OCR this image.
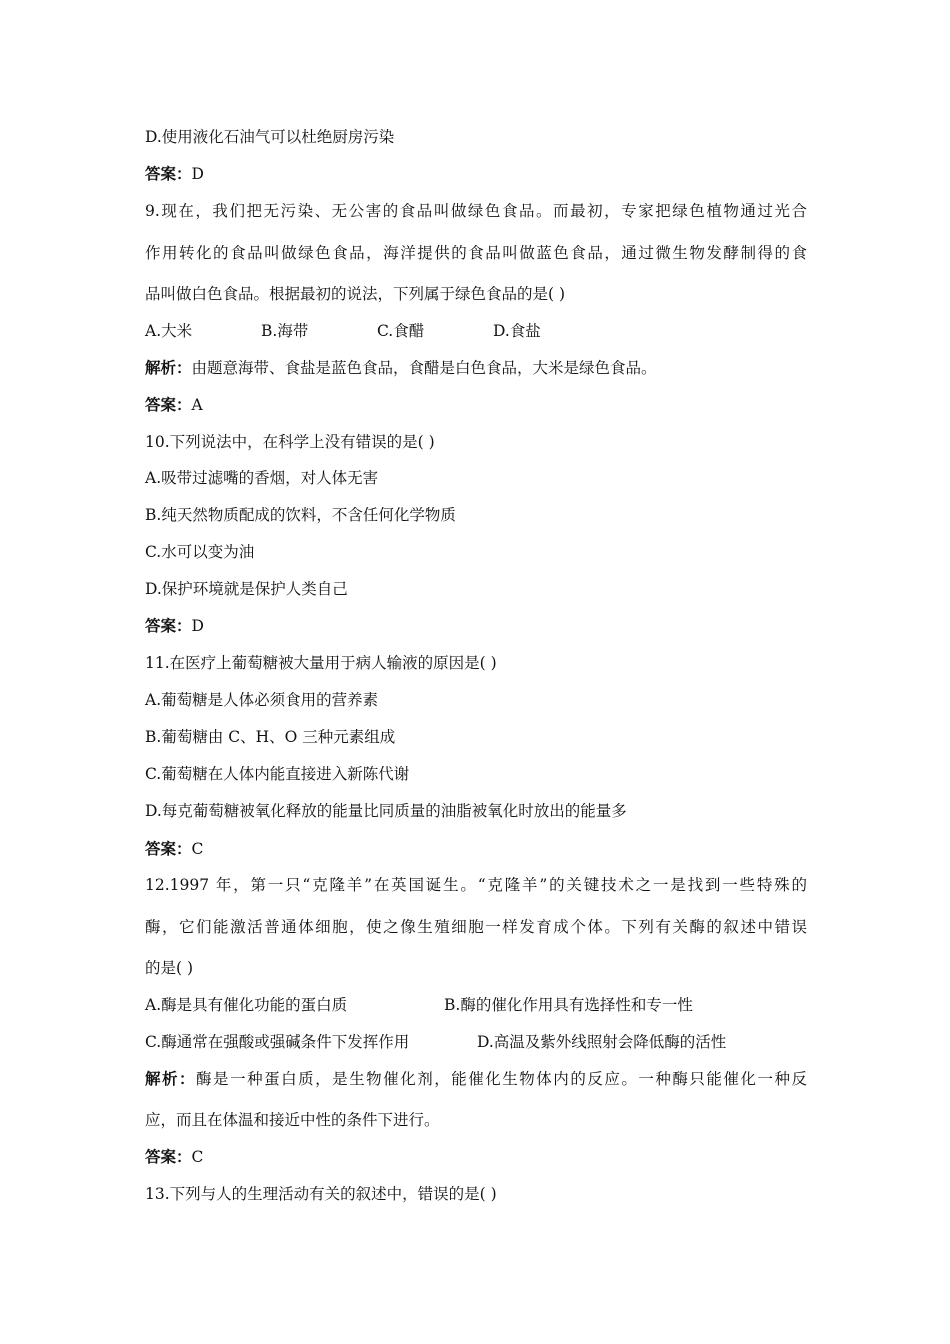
D.使用液化石油气可以杜绝厨房污染
答案：D
9.现在，我们把无污染、无公害的食品叫做绿色食品。而最初，专家把绿色植物通过光合
作用转化的食品叫做绿色食品，海洋提供的食品叫做蓝色食品，通过微生物发酵制得的食
品叫做白色食品。根据最初的说法，下列属于绿色食品的是( )
A.大米	B.海带	C.食醋	D.食盐
解析：由题意海带、食盐是蓝色食品，食醋是白色食品，大米是绿色食品。
答案：A
10.下列说法中，在科学上没有错误的是( )
A.吸带过滤嘴的香烟，对人体无害
B.纯天然物质配成的饮料，不含任何化学物质
C.水可以变为油
D.保护环境就是保护人类自己
答案：D
11.在医疗上葡萄糖被大量用于病人输液的原因是( )
A.葡萄糖是人体必须食用的营养素
B.葡萄糖由 C、H、O 三种元素组成
C.葡萄糖在人体内能直接进入新陈代谢
D.每克葡萄糖被氧化释放的能量比同质量的油脂被氧化时放出的能量多
答案：C
12.1997 年，第一只“克隆羊”在英国诞生。“克隆羊”的关键技术之一是找到一些特殊的
酶，它们能激活普通体细胞，使之像生殖细胞一样发育成个体。下列有关酶的叙述中错误
的是( )
A.酶是具有催化功能的蛋白质	B.酶的催化作用具有选择性和专一性
C.酶通常在强酸或强碱条件下发挥作用	D.高温及紫外线照射会降低酶的活性
解析：酶是一种蛋白质，是生物催化剂，能催化生物体内的反应。一种酶只能催化一种反
应，而且在体温和接近中性的条件下进行。
答案：C
13.下列与人的生理活动有关的叙述中，错误的是( )
